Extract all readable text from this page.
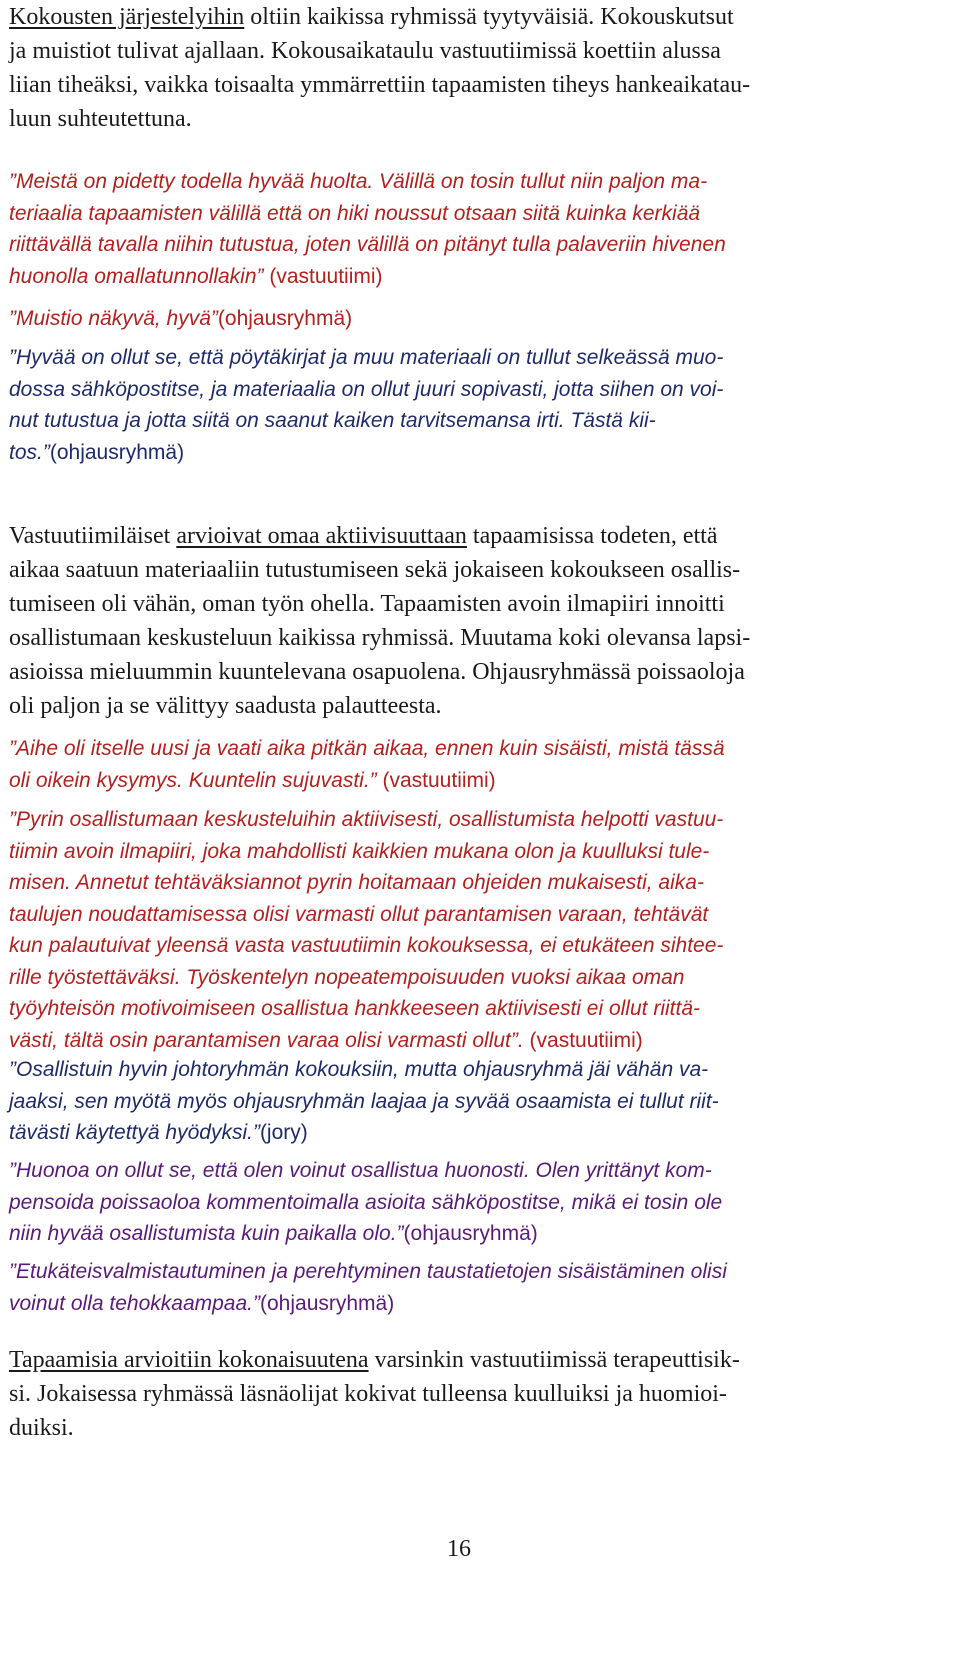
Kokousten järjestelyihin oltiin kaikissa ryhmissä tyytyväisiä. Kokouskutsut
ja muistiot tulivat ajallaan. Kokousaikataulu vastuutiimissä koettiin alussa
liian tiheäksi, vaikka toisaalta ymmärrettiin tapaamisten tiheys hankeaikatau-
luun suhteutettuna.
”Meistä on pidetty todella hyvää huolta. Välillä on tosin tullut niin paljon ma-
teriaalia tapaamisten välillä että on hiki noussut otsaan siitä kuinka kerkiää
riittävällä tavalla niihin tutustua, joten välillä on pitänyt tulla palaveriin hivenen
huonolla omallatunnollakin” (vastuutiimi)
”Muistio näkyvä, hyvä”(ohjausryhmä)
”Hyvää on ollut se, että pöytäkirjat ja muu materiaali on tullut selkeässä muo-
dossa sähköpostitse, ja materiaalia on ollut juuri sopivasti, jotta siihen on voi-
nut tutustua ja jotta siitä on saanut kaiken tarvitsemansa irti. Tästä kii-
tos.”(ohjausryhmä)
Vastuutiimiläiset arvioivat omaa aktiivisuuttaan tapaamisissa todeten, että
aikaa saatuun materiaaliin tutustumiseen sekä jokaiseen kokoukseen osallis-
tumiseen oli vähän, oman työn ohella. Tapaamisten avoin ilmapiiri innoitti
osallistumaan keskusteluun kaikissa ryhmissä. Muutama koki olevansa lapsi-
asioissa mieluummin kuuntelevana osapuolena. Ohjausryhmässä poissaoloja
oli paljon ja se välittyy saadusta palautteesta.
”Aihe oli itselle uusi ja vaati aika pitkän aikaa, ennen kuin sisäisti, mistä tässä
oli oikein kysymys. Kuuntelin sujuvasti.” (vastuutiimi)
”Pyrin osallistumaan keskusteluihin aktiivisesti, osallistumista helpotti vastuu-
tiimin avoin ilmapiiri, joka mahdollisti kaikkien mukana olon ja kuulluksi tule-
misen. Annetut tehtäväksiannot pyrin hoitamaan ohjeiden mukaisesti, aika-
taulujen noudattamisessa olisi varmasti ollut parantamisen varaan, tehtävät
kun palautuivat yleensä vasta vastuutiimin kokouksessa, ei etukäteen sihtee-
rille työstettäväksi. Työskentelyn nopeatempoisuuden vuoksi aikaa oman
työyhteisön motivoimiseen osallistua hankkeeseen aktiivisesti ei ollut riittä-
västi, tältä osin parantamisen varaa olisi varmasti ollut”. (vastuutiimi)
”Osallistuin hyvin johtoryhmän kokouksiin, mutta ohjausryhmä jäi vähän va-
jaaksi, sen myötä myös ohjausryhmän laajaa ja syvää osaamista ei tullut riit-
tävästi käytettyä hyödyksi.”(jory)
”Huonoa on ollut se, että olen voinut osallistua huonosti. Olen yrittänyt kom-
pensoida poissaoloa kommentoimalla asioita sähköpostitse, mikä ei tosin ole
niin hyvää osallistumista kuin paikalla olo.”(ohjausryhmä)
”Etukäteisvalmistautuminen ja perehtyminen taustatietojen sisäistäminen olisi
voinut olla tehokkaampaa.”(ohjausryhmä)
Tapaamisia arvioitiin kokonaisuutena varsinkin vastuutiimissä terapeuttisik-
si. Jokaisessa ryhmässä läsnäolijat kokivat tulleensa kuulluiksi ja huomioi-
duiksi.
16
